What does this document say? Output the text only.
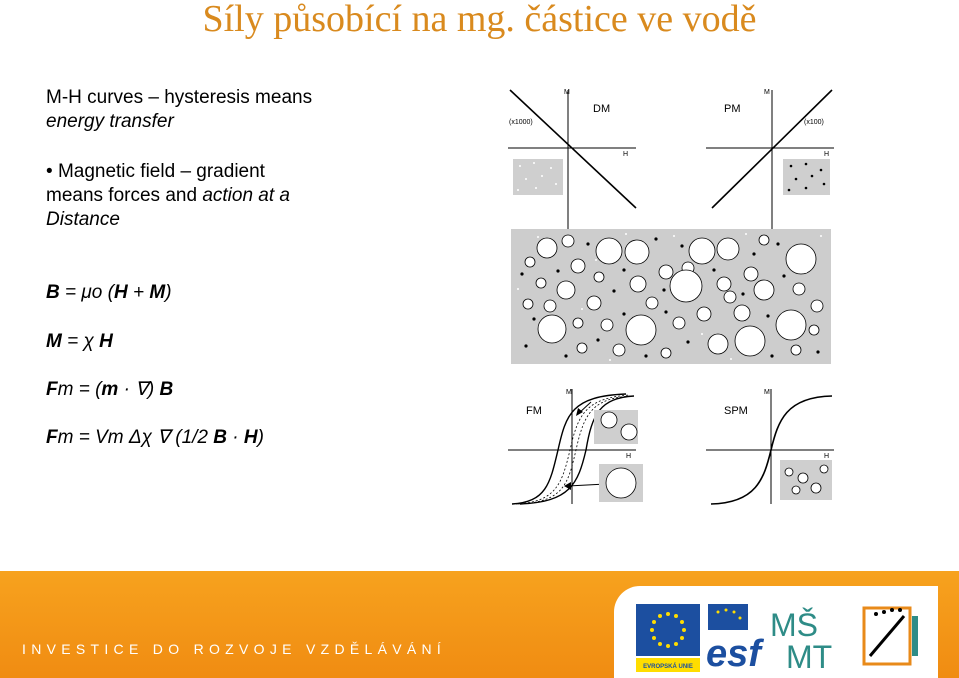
Síly působící na mg. částice ve vodě
M-H curves – hysteresis means
energy transfer
• Magnetic field – gradient
means forces and action at a
Distance
B = μo (H + M)
M = χ H
Fm = (m · ∇) B
Fm = Vm Δχ ∇ (1/2 B · H)
M
H
(x1000)
DM
M
H
(x100)
PM
M
H
FM
M
H
SPM
INVESTICE DO ROZVOJE VZDĚLÁVÁNÍ
EVROPSKÁ UNIE esf
MŠ
MT
